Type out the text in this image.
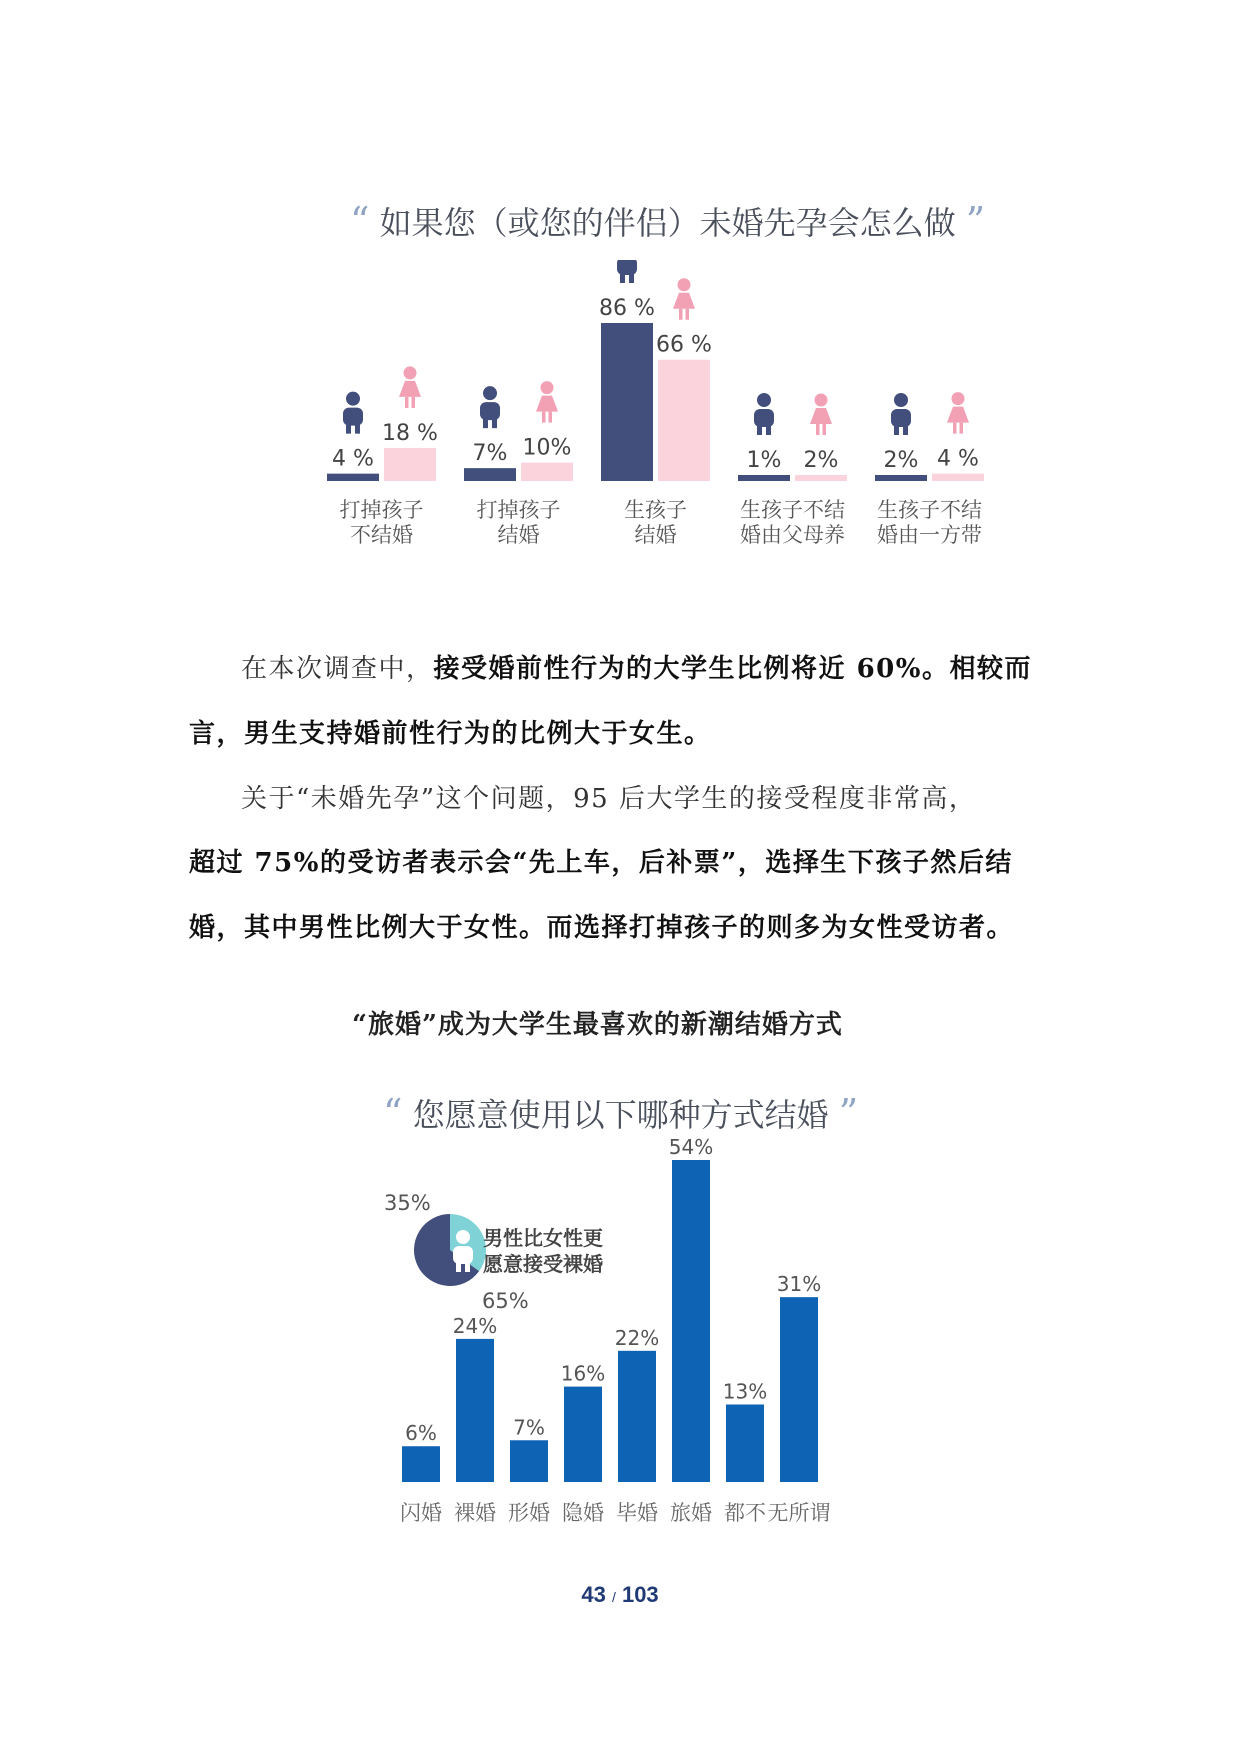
“ 如果您（或您的伴侣）未婚先孕会怎么做 ”
4 %
18 %
打掉孩子
不结婚
7% 10%
打掉孩子
结婚
86 %
66 %
生孩子
结婚
1% 2%
生孩子不结
婚由父母养
2% 4 %
生孩子不结
婚由一方带
在本次调查中，接受婚前性行为的大学生比例将近 60%。相较而
言，男生支持婚前性行为的比例大于女生。
关于“未婚先孕”这个问题，95 后大学生的接受程度非常高，
超过 75%的受访者表示会“先上车，后补票”，选择生下孩子然后结
婚，其中男性比例大于女性。而选择打掉孩子的则多为女性受访者。
“旅婚”成为大学生最喜欢的新潮结婚方式
“ 您愿意使用以下哪种方式结婚 ”
6%
闪婚
24%
裸婚
7%
形婚
16%
隐婚
22%
毕婚
54%
旅婚
13%
都不
31%
无所谓
35%
65%
男性比女性更
愿意接受裸婚
43 / 103
